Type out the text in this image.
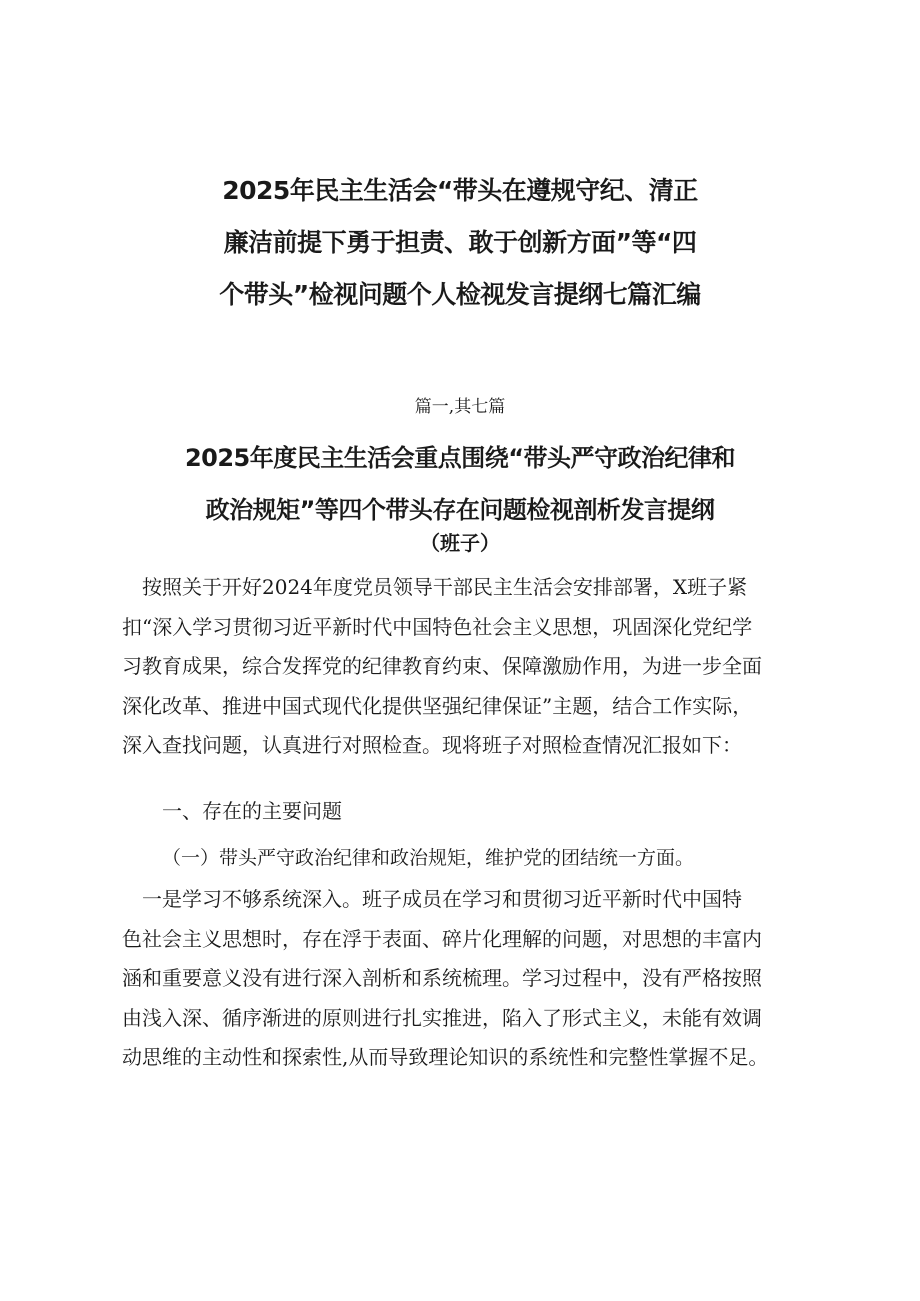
2025年民主生活会“带头在遵规守纪、清正
廉洁前提下勇于担责、敢于创新方面”等“四
个带头”检视问题个人检视发言提纲七篇汇编
篇一,其七篇
2025年度民主生活会重点围绕“带头严守政治纪律和
政治规矩”等四个带头存在问题检视剖析发言提纲
（班子）
　按照关于开好2024年度党员领导干部民主生活会安排部署，X班子紧
扣“深入学习贯彻习近平新时代中国特色社会主义思想，巩固深化党纪学
习教育成果，综合发挥党的纪律教育约束、保障激励作用，为进一步全面
深化改革、推进中国式现代化提供坚强纪律保证”主题，结合工作实际，
深入查找问题，认真进行对照检查。现将班子对照检查情况汇报如下：
一、存在的主要问题
（一）带头严守政治纪律和政治规矩，维护党的团结统一方面。
　一是学习不够系统深入。班子成员在学习和贯彻习近平新时代中国特
色社会主义思想时，存在浮于表面、碎片化理解的问题，对思想的丰富内
涵和重要意义没有进行深入剖析和系统梳理。学习过程中，没有严格按照
由浅入深、循序渐进的原则进行扎实推进，陷入了形式主义，未能有效调
动思维的主动性和探索性,从而导致理论知识的系统性和完整性掌握不足。
